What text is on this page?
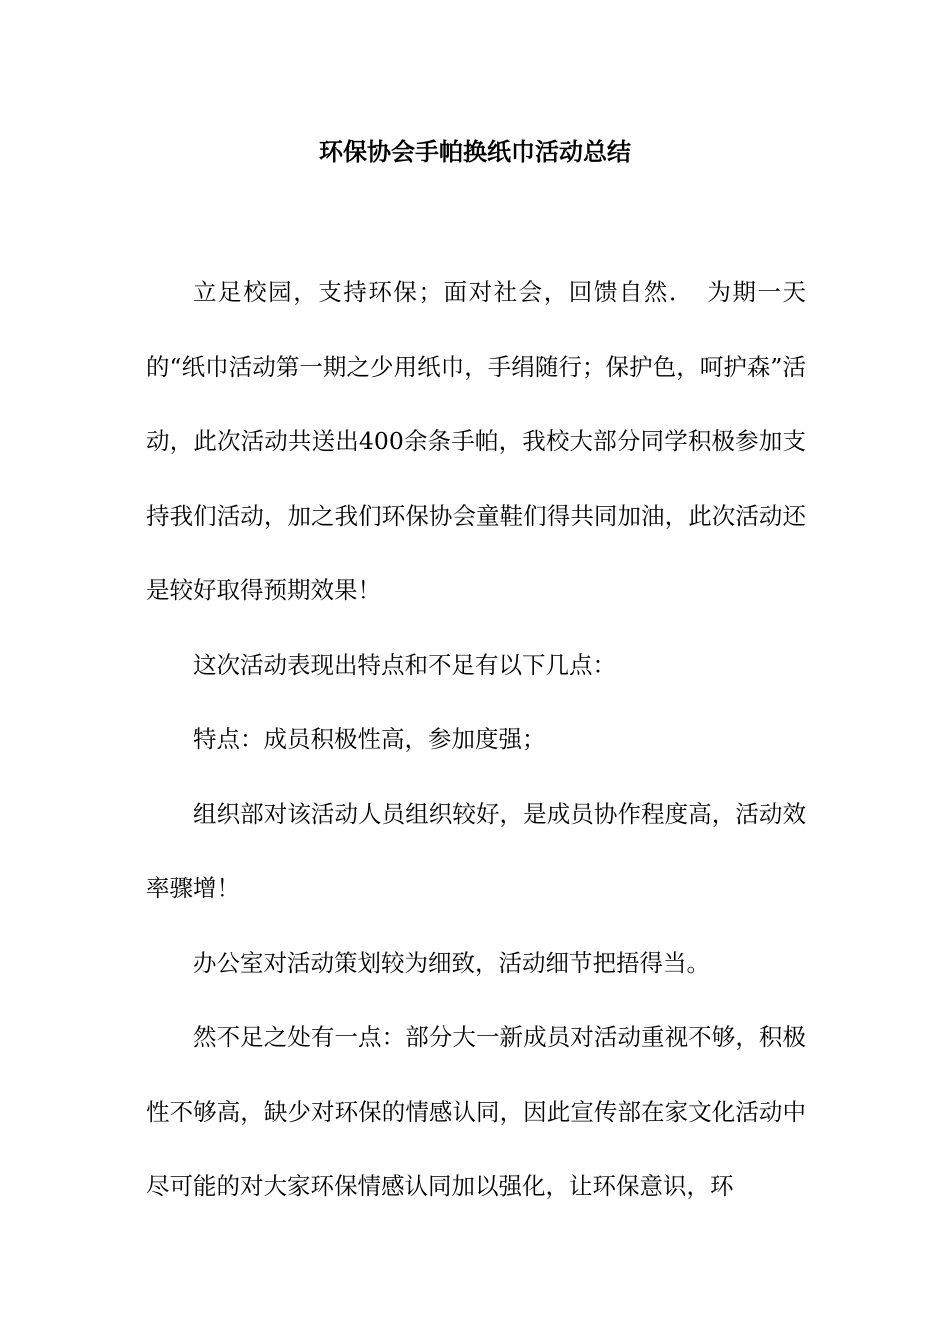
环保协会手帕换纸巾活动总结

立足校园，支持环保；面对社会，回馈自然．　为期一天的“纸巾活动第一期之少用纸巾，手绢随行；保护色，呵护森”活动，此次活动共送出400余条手帕，我校大部分同学积极参加支持我们活动，加之我们环保协会童鞋们得共同加油，此次活动还是较好取得预期效果！

这次活动表现出特点和不足有以下几点：

特点：成员积极性高，参加度强；

组织部对该活动人员组织较好，是成员协作程度高，活动效率骤增！

办公室对活动策划较为细致，活动细节把捂得当。

然不足之处有一点：部分大一新成员对活动重视不够，积极性不够高，缺少对环保的情感认同，因此宣传部在家文化活动中尽可能的对大家环保情感认同加以强化，让环保意识，环
